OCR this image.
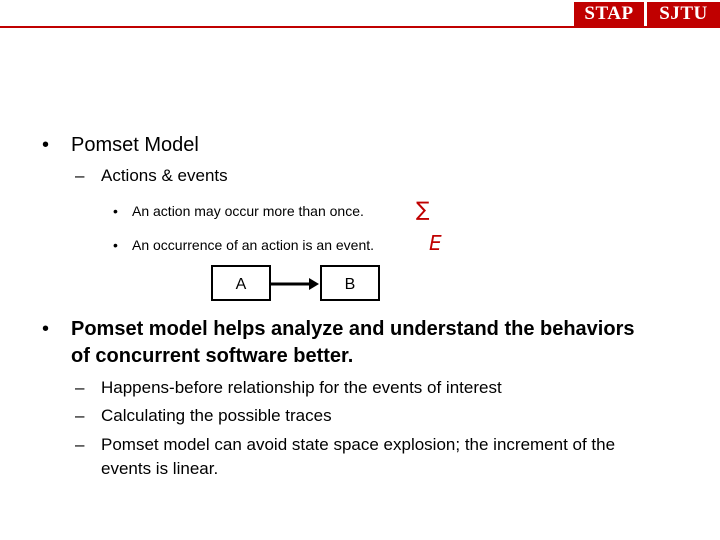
STAP	SJTU
• Pomset Model
– Actions & events
• An action may occur more than once.	∑
• An occurrence of an action is an event.	E
A	B
• Pomset model helps analyze and understand the behaviors
of concurrent software better.
– Happens-before relationship for the events of interest
– Calculating the possible traces
– Pomset model can avoid state space explosion; the increment of the
events is linear.
